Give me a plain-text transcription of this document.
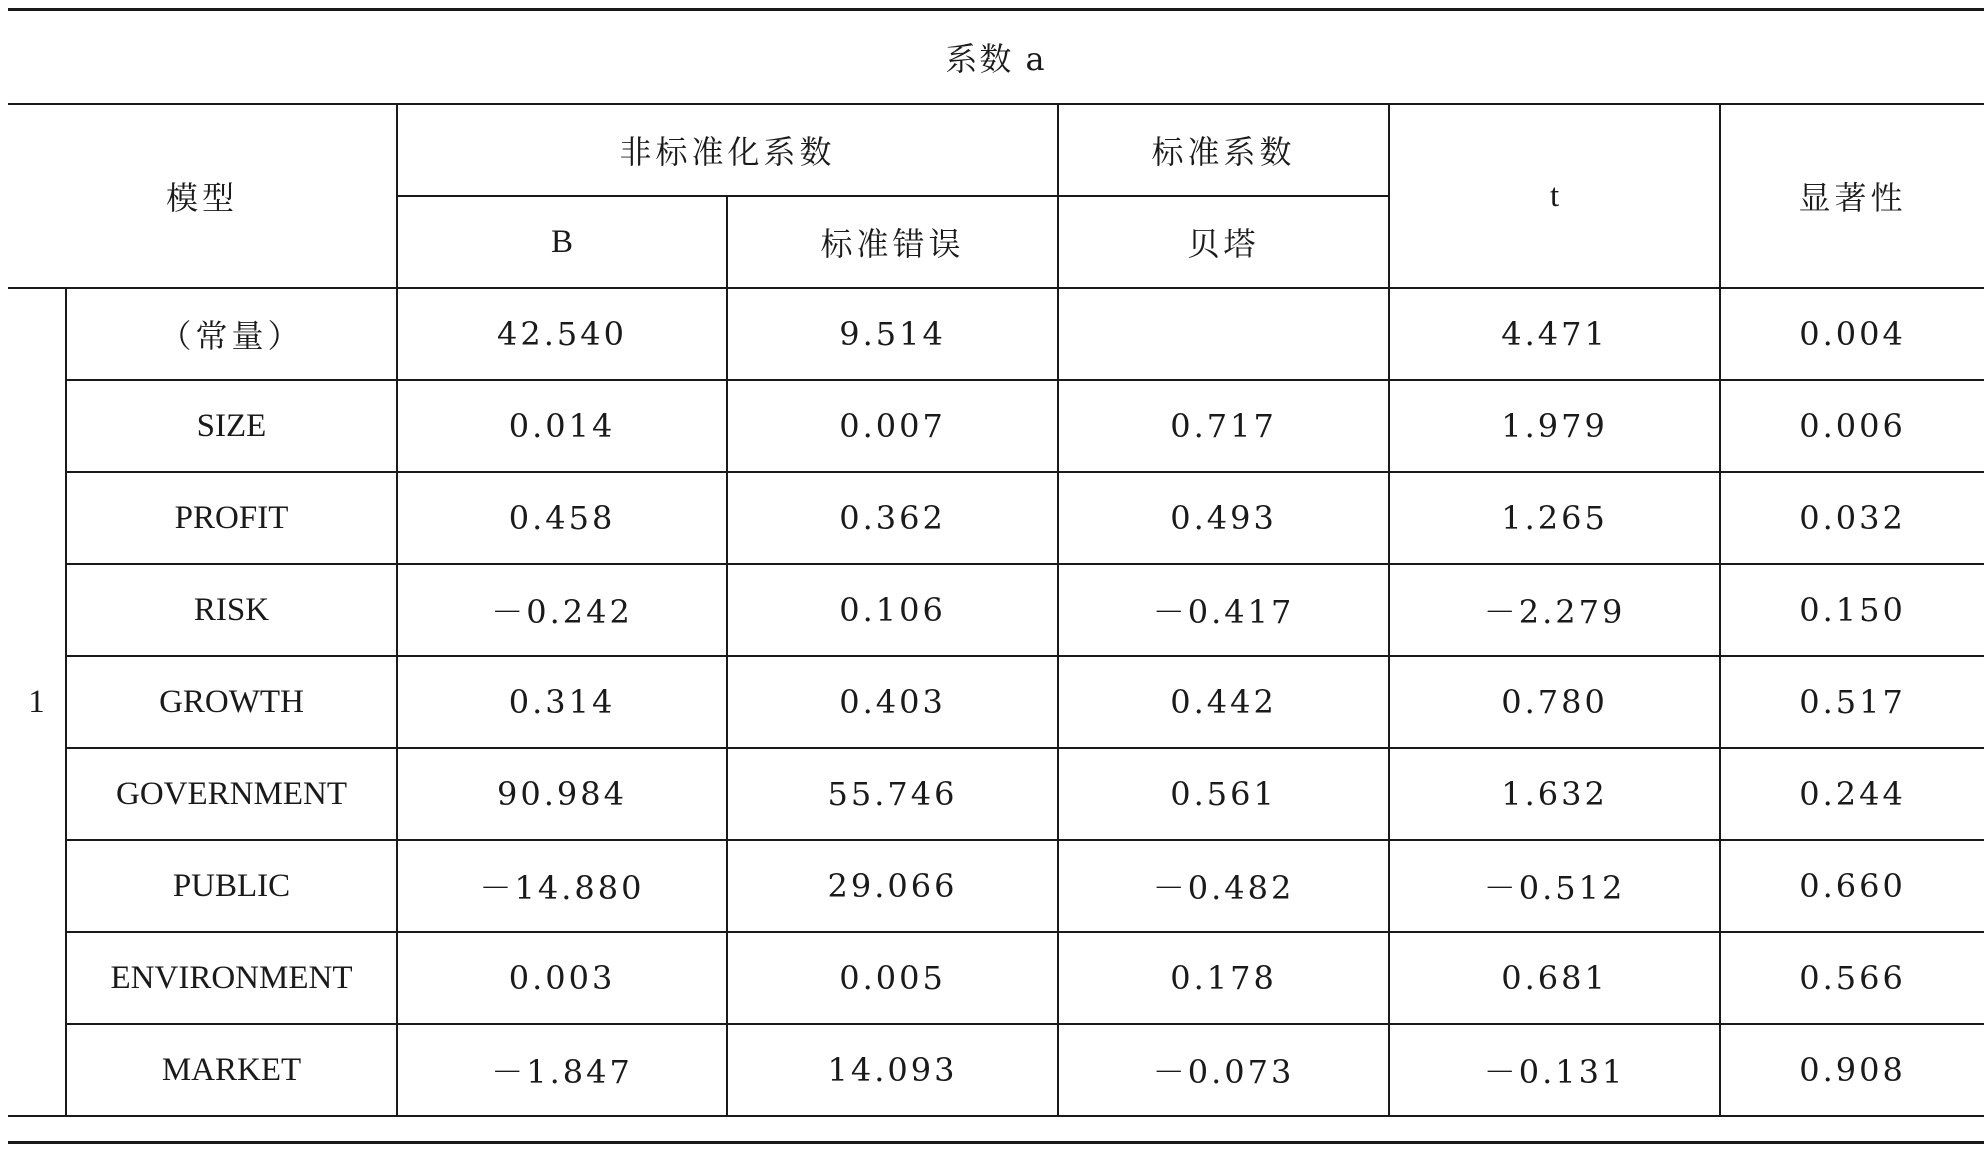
系数 a
模型		非标准化系数		标准系数	t	显著性
		B	标准错误	贝塔		
1	（常量）	42.540	9.514		4.471	0.004
	SIZE	0.014	0.007	0.717	1.979	0.006
	PROFIT	0.458	0.362	0.493	1.265	0.032
	RISK	－0.242	0.106	－0.417	－2.279	0.150
	GROWTH	0.314	0.403	0.442	0.780	0.517
	GOVERNMENT	90.984	55.746	0.561	1.632	0.244
	PUBLIC	－14.880	29.066	－0.482	－0.512	0.660
	ENVIRONMENT	0.003	0.005	0.178	0.681	0.566
	MARKET	－1.847	14.093	－0.073	－0.131	0.908
